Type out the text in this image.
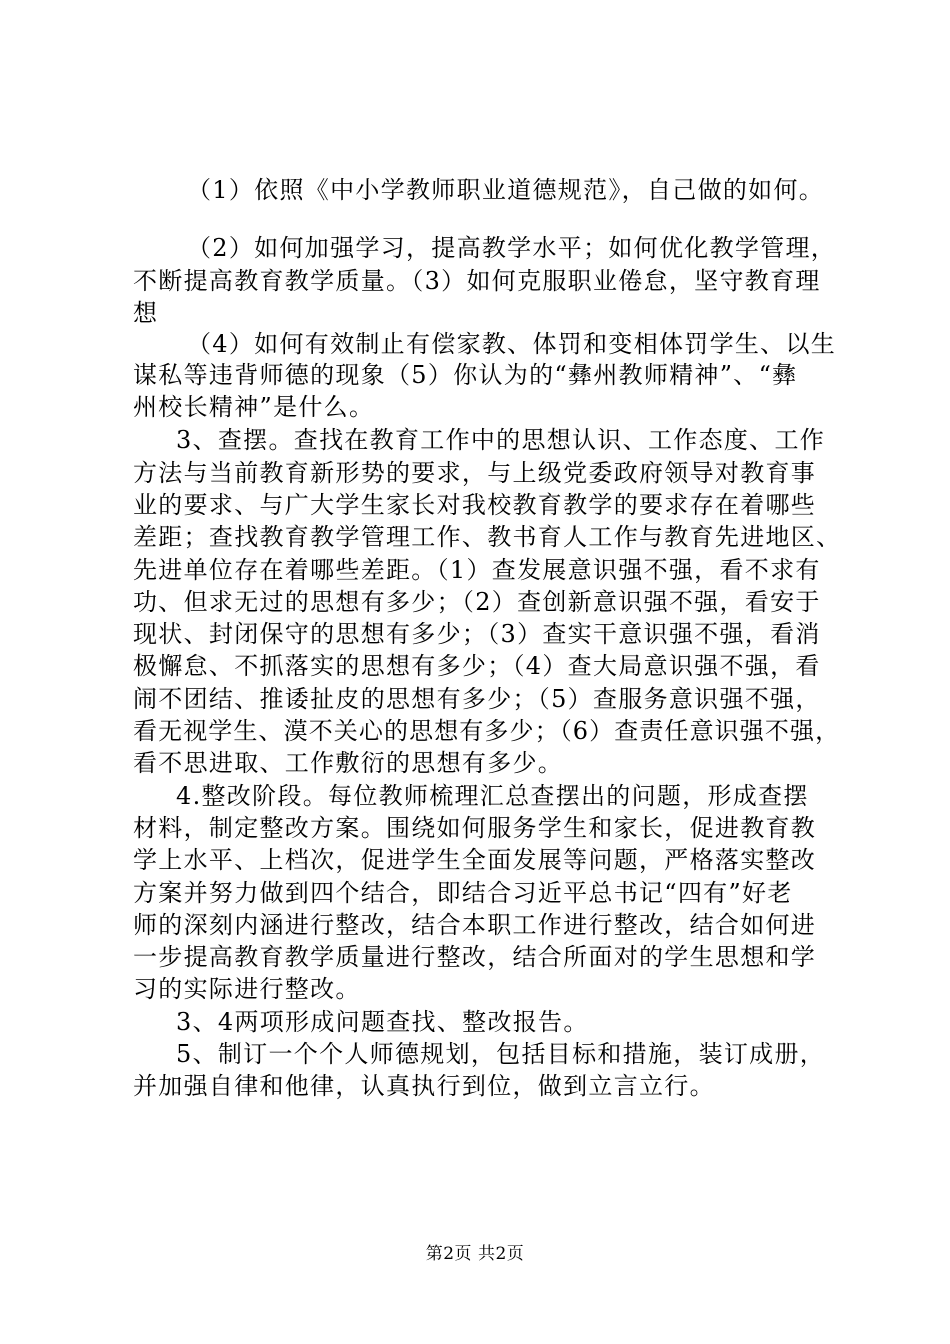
（1）依照《中小学教师职业道德规范》，自己做的如何。
（2）如何加强学习，提高教学水平；如何优化教学管理，
不断提高教育教学质量。（3）如何克服职业倦怠，坚守教育理
想
（4）如何有效制止有偿家教、体罚和变相体罚学生、以生
谋私等违背师德的现象（5）你认为的“彝州教师精神”、“彝
州校长精神”是什么。
3、查摆。查找在教育工作中的思想认识、工作态度、工作
方法与当前教育新形势的要求，与上级党委政府领导对教育事
业的要求、与广大学生家长对我校教育教学的要求存在着哪些
差距；查找教育教学管理工作、教书育人工作与教育先进地区、
先进单位存在着哪些差距。（1）查发展意识强不强，看不求有
功、但求无过的思想有多少；（2）查创新意识强不强，看安于
现状、封闭保守的思想有多少；（3）查实干意识强不强，看消
极懈怠、不抓落实的思想有多少；（4）查大局意识强不强，看
闹不团结、推诿扯皮的思想有多少；（5）查服务意识强不强，
看无视学生、漠不关心的思想有多少；（6）查责任意识强不强，
看不思进取、工作敷衍的思想有多少。
4.整改阶段。每位教师梳理汇总查摆出的问题，形成查摆
材料，制定整改方案。围绕如何服务学生和家长，促进教育教
学上水平、上档次，促进学生全面发展等问题，严格落实整改
方案并努力做到四个结合，即结合习近平总书记“四有”好老
师的深刻内涵进行整改，结合本职工作进行整改，结合如何进
一步提高教育教学质量进行整改，结合所面对的学生思想和学
习的实际进行整改。
3、4两项形成问题查找、整改报告。
5、制订一个个人师德规划，包括目标和措施，装订成册，
并加强自律和他律，认真执行到位，做到立言立行。
第2页 共2页
